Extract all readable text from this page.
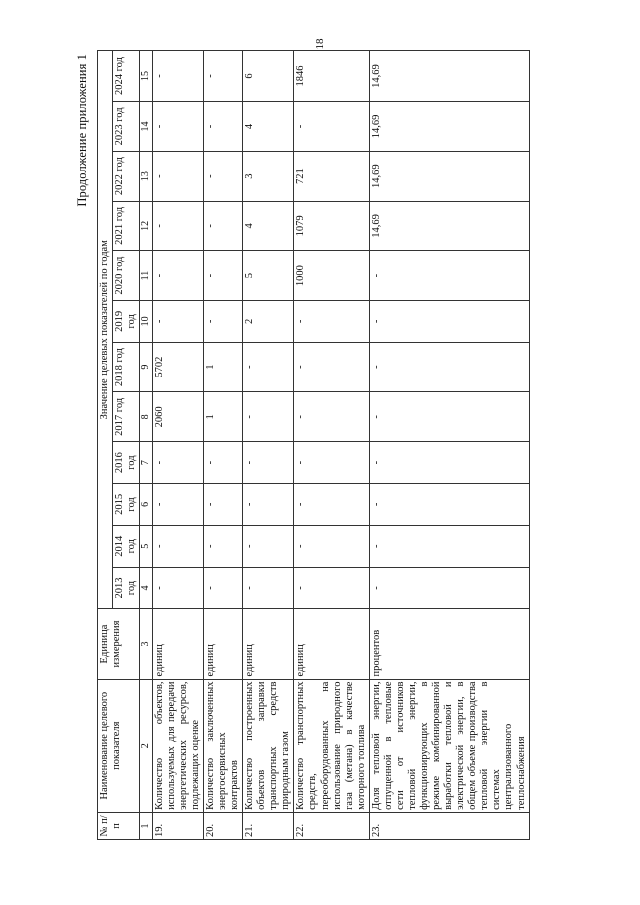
18
Продолжение приложения 1
№ п/п	Наименование целевого показателя	Единица измерения	Значение целевых показателей по годам											
			2013 год	2014 год	2015 год	2016 год	2017 год	2018 год	2019 год	2020 год	2021 год	2022 год	2023 год	2024 год
1	2	3	4	5	6	7	8	9	10	11	12	13	14	15
19.	Количество объектов, используемых для передачи энергетических ресурсов, подлежащих оценке	единиц	-	-	-	-	2060	5702	-	-	-	-	-	-
20.	Количество заключенных энергосервисных контрактов	единиц	-	-	-	-	1	1	-	-	-	-	-	-
21.	Количество построенных объектов заправки транспортных средств природным газом	единиц	-	-	-	-	-	-	2	5	4	3	4	6
22.	Количество транспортных средств, переоборудованных на использование природного газа (метана) в качестве моторного топлива	единиц	-	-	-	-	-	-	-	1000	1079	721	-	1846
23.	Доля тепловой энергии, отпущенной в тепловые сети от источников тепловой энергии, функционирующих в режиме комбинированной выработки тепловой и электрической энергии, в общем объеме производства тепловой энергии в системах централизованного теплоснабжения	процентов	-	-	-	-	-	-	-	-	14,69	14,69	14,69	14,69
